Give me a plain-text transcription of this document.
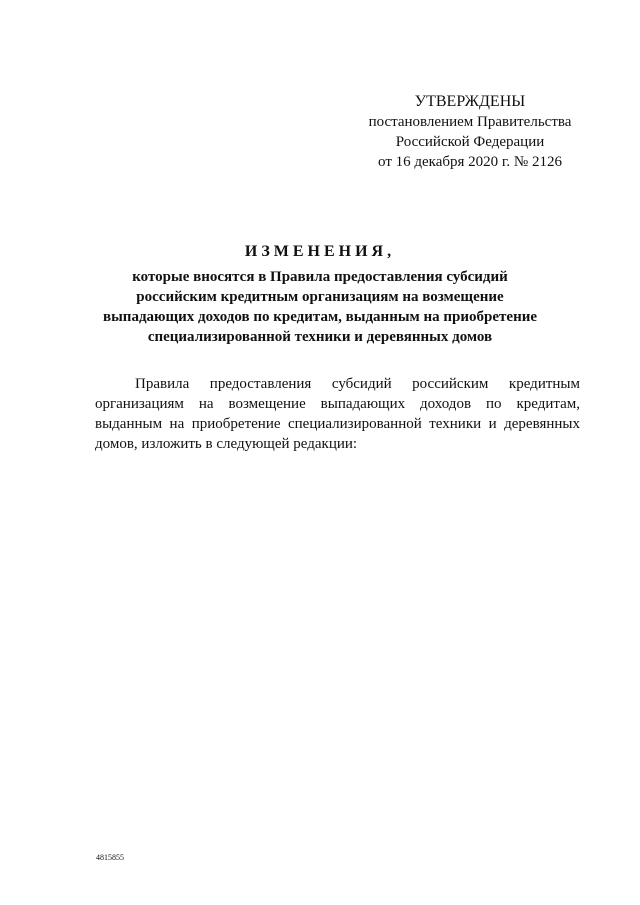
УТВЕРЖДЕНЫ
постановлением Правительства
Российской Федерации
от 16 декабря 2020 г. № 2126
ИЗМЕНЕНИЯ,
которые вносятся в Правила предоставления субсидий
российским кредитным организациям на возмещение
выпадающих доходов по кредитам, выданным на приобретение
специализированной техники и деревянных домов

Правила предоставления субсидий российским кредитным организациям на возмещение выпадающих доходов по кредитам, выданным на приобретение специализированной техники и деревянных домов, изложить в следующей редакции:

4815855
